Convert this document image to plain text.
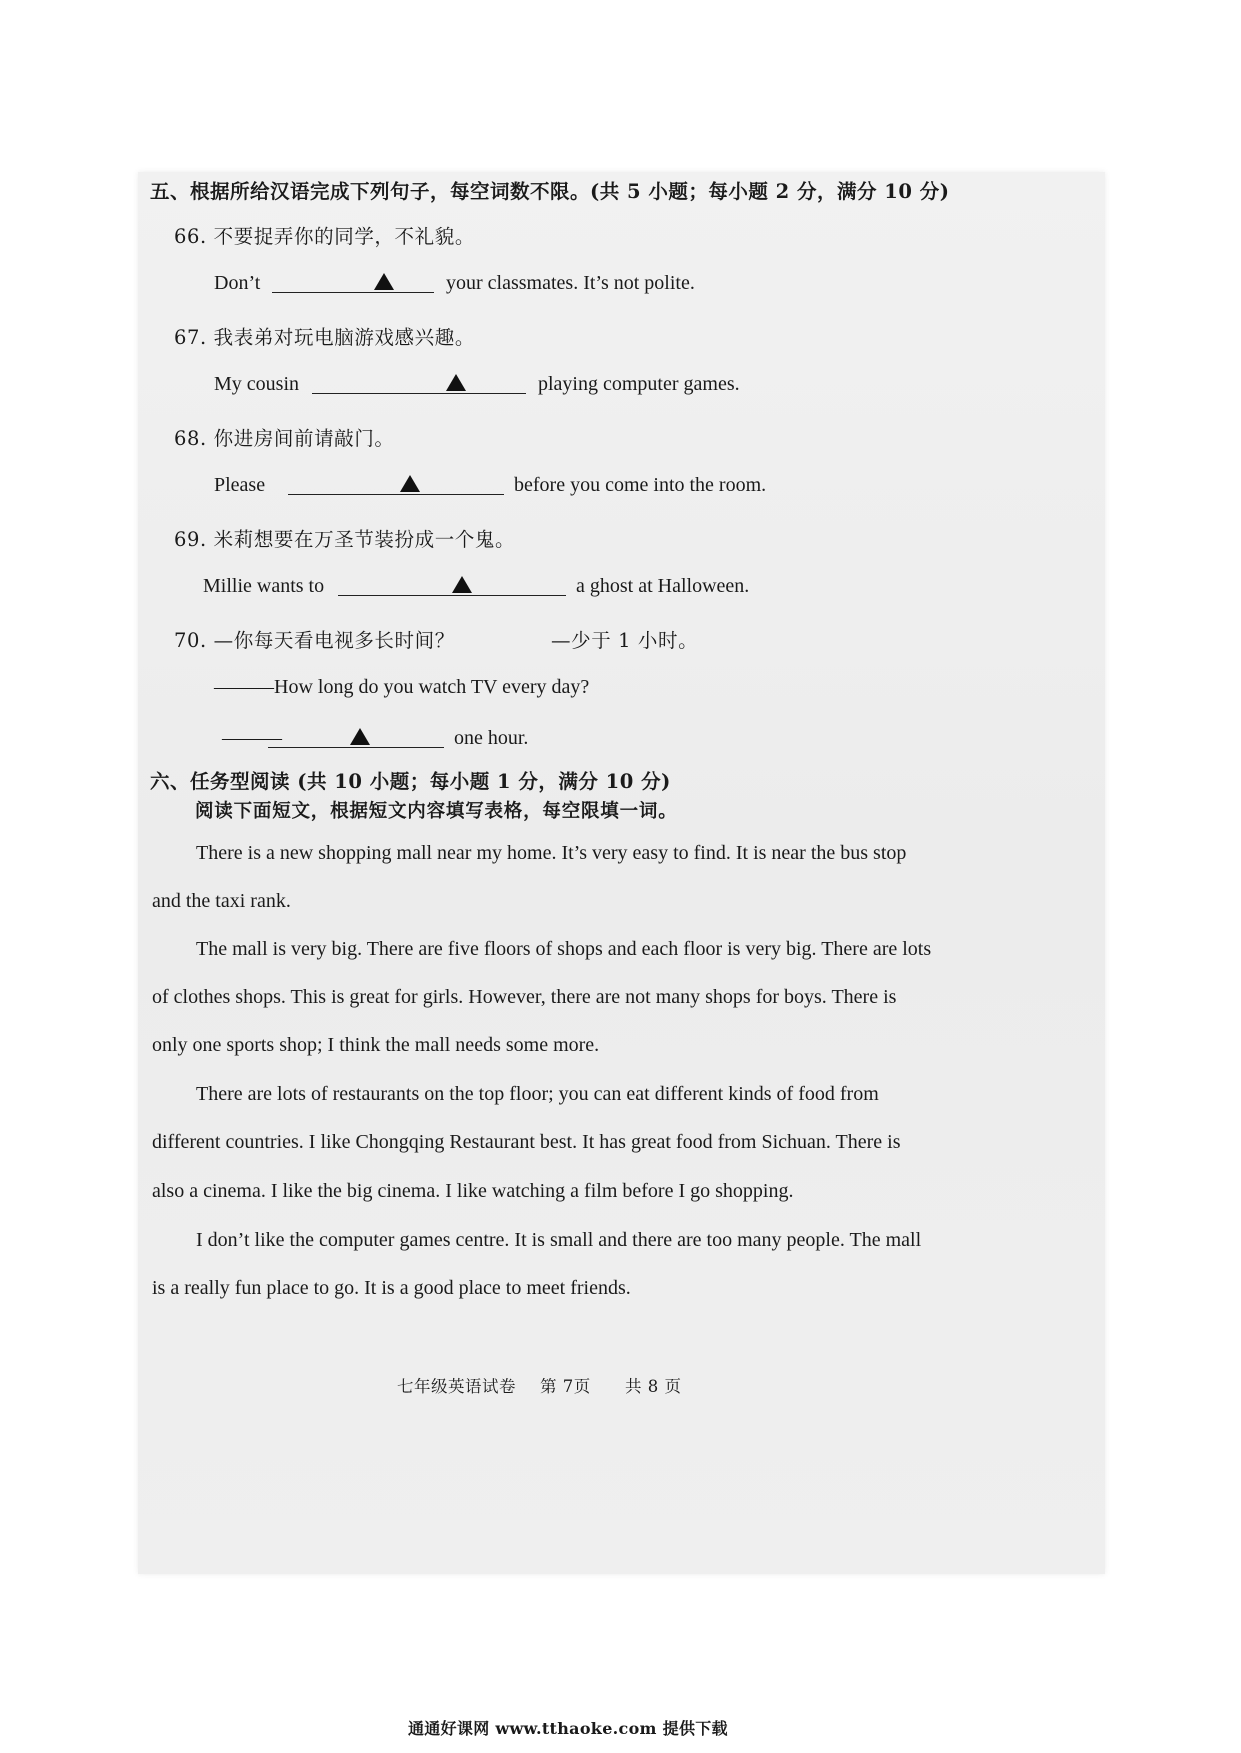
五、根据所给汉语完成下列句子，每空词数不限。(共 5 小题；每小题 2 分，满分 10 分)
66. 不要捉弄你的同学，不礼貌。
Don’t	your classmates. It’s not polite.
67. 我表弟对玩电脑游戏感兴趣。
My cousin	playing computer games.
68. 你进房间前请敲门。
Please	before you come into the room.
69. 米莉想要在万圣节装扮成一个鬼。
Millie wants to	a ghost at Halloween.
70. —你每天看电视多长时间？	—少于 1 小时。
———How long do you watch TV every day?
———	one hour.
六、任务型阅读 (共 10 小题；每小题 1 分，满分 10 分)
阅读下面短文，根据短文内容填写表格，每空限填一词。
There is a new shopping mall near my home. It’s very easy to find. It is near the bus stop
and the taxi rank.
The mall is very big. There are five floors of shops and each floor is very big. There are lots
of clothes shops. This is great for girls. However, there are not many shops for boys. There is
only one sports shop; I think the mall needs some more.
There are lots of restaurants on the top floor; you can eat different kinds of food from
different countries. I like Chongqing Restaurant best. It has great food from Sichuan. There is
also a cinema. I like the big cinema. I like watching a film before I go shopping.
I don’t like the computer games centre. It is small and there are too many people. The mall
is a really fun place to go. It is a good place to meet friends.
七年级英语试卷 第 7页 共 8 页
通通好课网 www.tthaoke.com 提供下载
